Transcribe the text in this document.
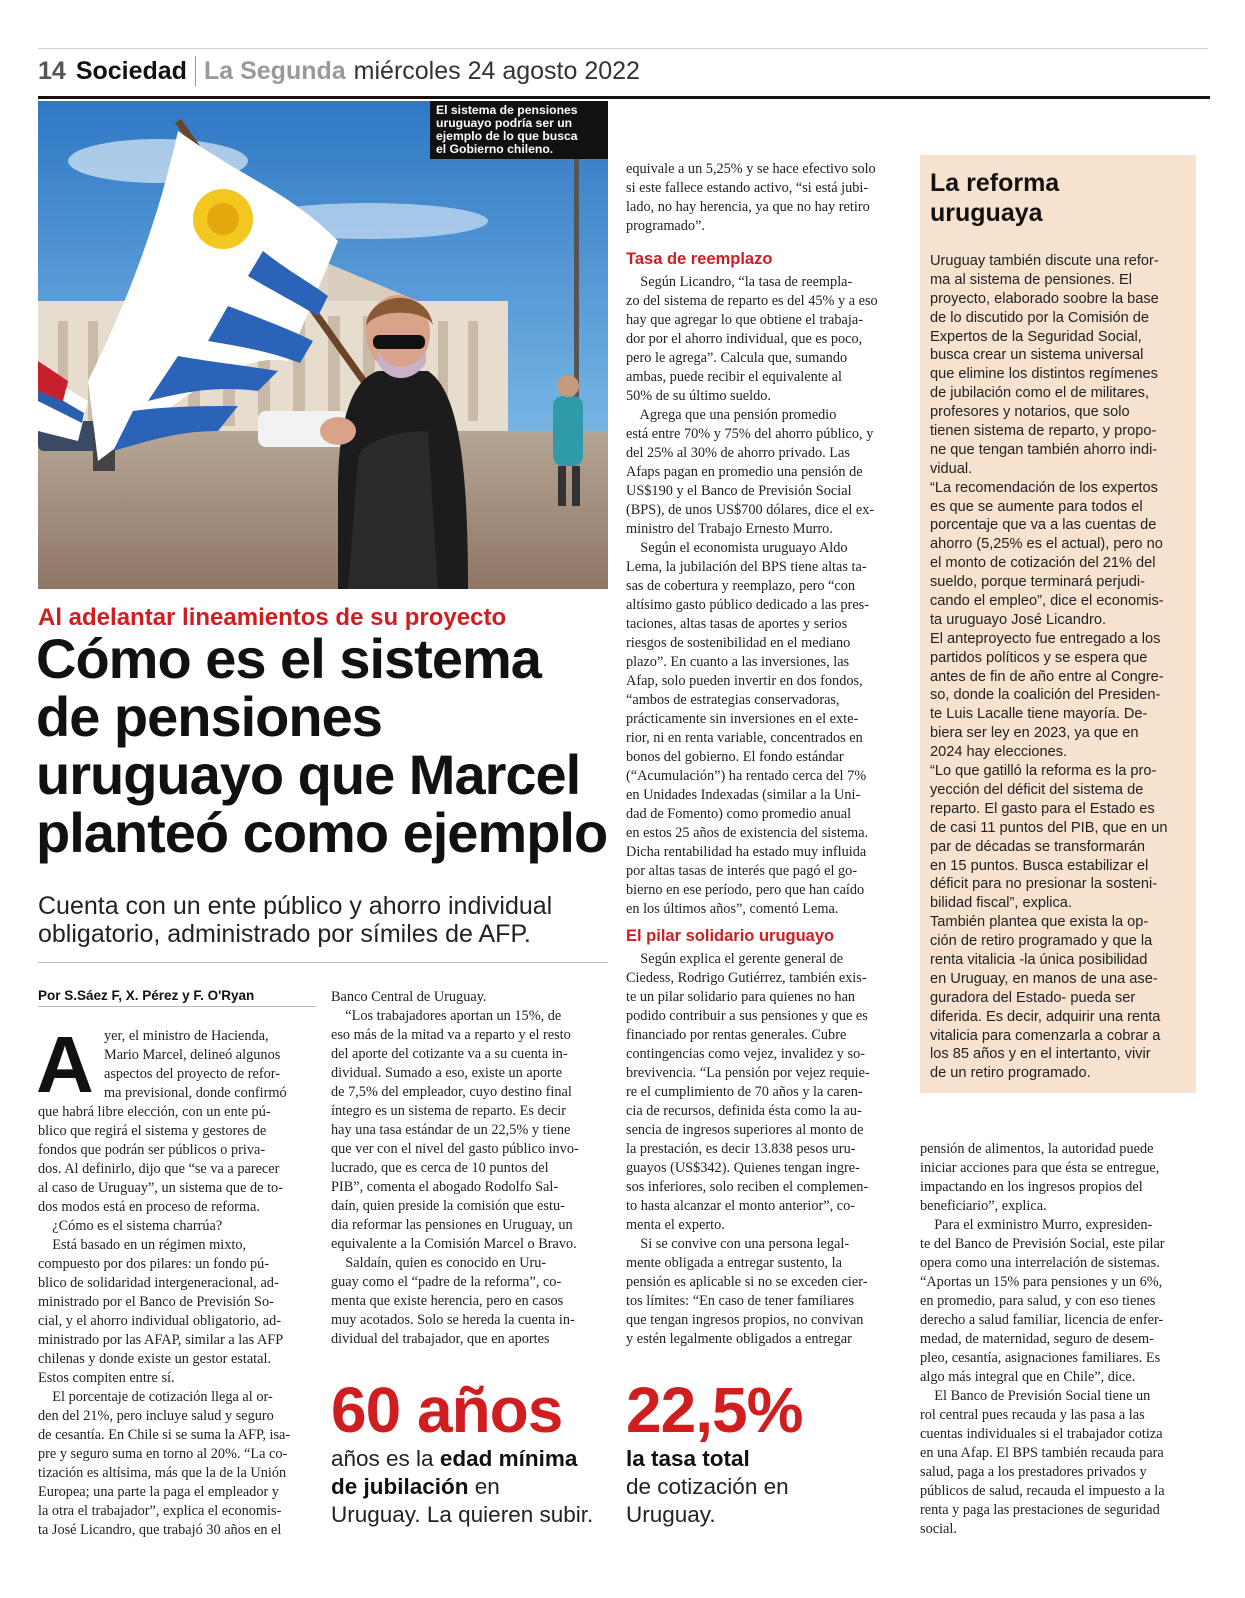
14 Sociedad La Segunda miércoles 24 agosto 2022
El sistema de pensiones
uruguayo podría ser un
ejemplo de lo que busca
el Gobierno chileno.
Al adelantar lineamientos de su proyecto
Cómo es el sistema
de pensiones
uruguayo que Marcel
planteó como ejemplo
Cuenta con un ente público y ahorro individual
obligatorio, administrado por símiles de AFP.
Por S.Sáez F, X. Pérez y F. O'Ryan
A yer, el ministro de Hacienda,
Mario Marcel, delineó algunos
aspectos del proyecto de refor-
ma previsional, donde confirmó
que habrá libre elección, con un ente pú-
blico que regirá el sistema y gestores de
fondos que podrán ser públicos o priva-
dos. Al definirlo, dijo que “se va a parecer
al caso de Uruguay”, un sistema que de to-
dos modos está en proceso de reforma.
¿Cómo es el sistema charrúa?
Está basado en un régimen mixto,
compuesto por dos pilares: un fondo pú-
blico de solidaridad intergeneracional, ad-
ministrado por el Banco de Previsión So-
cial, y el ahorro individual obligatorio, ad-
ministrado por las AFAP, similar a las AFP
chilenas y donde existe un gestor estatal.
Estos compiten entre sí.
El porcentaje de cotización llega al or-
den del 21%, pero incluye salud y seguro
de cesantía. En Chile si se suma la AFP, isa-
pre y seguro suma en torno al 20%. “La co-
tización es altísima, más que la de la Unión
Europea; una parte la paga el empleador y
la otra el trabajador”, explica el economis-
ta José Licandro, que trabajó 30 años en el
Banco Central de Uruguay.
“Los trabajadores aportan un 15%, de
eso más de la mitad va a reparto y el resto
del aporte del cotizante va a su cuenta in-
dividual. Sumado a eso, existe un aporte
de 7,5% del empleador, cuyo destino final
íntegro es un sistema de reparto. Es decir
hay una tasa estándar de un 22,5% y tiene
que ver con el nivel del gasto público invo-
lucrado, que es cerca de 10 puntos del
PIB”, comenta el abogado Rodolfo Sal-
daín, quien preside la comisión que estu-
dia reformar las pensiones en Uruguay, un
equivalente a la Comisión Marcel o Bravo.
Saldaín, quien es conocido en Uru-
guay como el “padre de la reforma”, co-
menta que existe herencia, pero en casos
muy acotados. Solo se hereda la cuenta in-
dividual del trabajador, que en aportes
equivale a un 5,25% y se hace efectivo solo
si este fallece estando activo, “si está jubi-
lado, no hay herencia, ya que no hay retiro
programado”.
Tasa de reemplazo
Según Licandro, “la tasa de reempla-
zo del sistema de reparto es del 45% y a eso
hay que agregar lo que obtiene el trabaja-
dor por el ahorro individual, que es poco,
pero le agrega”. Calcula que, sumando
ambas, puede recibir el equivalente al
50% de su último sueldo.
Agrega que una pensión promedio
está entre 70% y 75% del ahorro público, y
del 25% al 30% de ahorro privado. Las
Afaps pagan en promedio una pensión de
US$190 y el Banco de Previsión Social
(BPS), de unos US$700 dólares, dice el ex-
ministro del Trabajo Ernesto Murro.
Según el economista uruguayo Aldo
Lema, la jubilación del BPS tiene altas ta-
sas de cobertura y reemplazo, pero “con
altísimo gasto público dedicado a las pres-
taciones, altas tasas de aportes y serios
riesgos de sostenibilidad en el mediano
plazo”. En cuanto a las inversiones, las
Afap, solo pueden invertir en dos fondos,
“ambos de estrategias conservadoras,
prácticamente sin inversiones en el exte-
rior, ni en renta variable, concentrados en
bonos del gobierno. El fondo estándar
(“Acumulación”) ha rentado cerca del 7%
en Unidades Indexadas (similar a la Uni-
dad de Fomento) como promedio anual
en estos 25 años de existencia del sistema.
Dicha rentabilidad ha estado muy influida
por altas tasas de interés que pagó el go-
bierno en ese período, pero que han caído
en los últimos años”, comentó Lema.
El pilar solidario uruguayo
Según explica el gerente general de
Ciedess, Rodrigo Gutiérrez, también exis-
te un pilar solidario para quienes no han
podido contribuir a sus pensiones y que es
financiado por rentas generales. Cubre
contingencias como vejez, invalidez y so-
brevivencia. “La pensión por vejez requie-
re el cumplimiento de 70 años y la caren-
cia de recursos, definida ésta como la au-
sencia de ingresos superiores al monto de
la prestación, es decir 13.838 pesos uru-
guayos (US$342). Quienes tengan ingre-
sos inferiores, solo reciben el complemen-
to hasta alcanzar el monto anterior”, co-
menta el experto.
Si se convive con una persona legal-
mente obligada a entregar sustento, la
pensión es aplicable si no se exceden cier-
tos límites: “En caso de tener familiares
que tengan ingresos propios, no convivan
y estén legalmente obligados a entregar
pensión de alimentos, la autoridad puede
iniciar acciones para que ésta se entregue,
impactando en los ingresos propios del
beneficiario”, explica.
Para el exministro Murro, expresiden-
te del Banco de Previsión Social, este pilar
opera como una interrelación de sistemas.
“Aportas un 15% para pensiones y un 6%,
en promedio, para salud, y con eso tienes
derecho a salud familiar, licencia de enfer-
medad, de maternidad, seguro de desem-
pleo, cesantía, asignaciones familiares. Es
algo más integral que en Chile”, dice.
El Banco de Previsión Social tiene un
rol central pues recauda y las pasa a las
cuentas individuales si el trabajador cotiza
en una Afap. El BPS también recauda para
salud, paga a los prestadores privados y
públicos de salud, recauda el impuesto a la
renta y paga las prestaciones de seguridad
social.
La reforma
uruguaya
Uruguay también discute una refor-
ma al sistema de pensiones. El
proyecto, elaborado soobre la base
de lo discutido por la Comisión de
Expertos de la Seguridad Social,
busca crear un sistema universal
que elimine los distintos regímenes
de jubilación como el de militares,
profesores y notarios, que solo
tienen sistema de reparto, y propo-
ne que tengan también ahorro indi-
vidual.
“La recomendación de los expertos
es que se aumente para todos el
porcentaje que va a las cuentas de
ahorro (5,25% es el actual), pero no
el monto de cotización del 21% del
sueldo, porque terminará perjudi-
cando el empleo”, dice el economis-
ta uruguayo José Licandro.
El anteproyecto fue entregado a los
partidos políticos y se espera que
antes de fin de año entre al Congre-
so, donde la coalición del Presiden-
te Luis Lacalle tiene mayoría. De-
biera ser ley en 2023, ya que en
2024 hay elecciones.
“Lo que gatilló la reforma es la pro-
yección del déficit del sistema de
reparto. El gasto para el Estado es
de casi 11 puntos del PIB, que en un
par de décadas se transformarán
en 15 puntos. Busca estabilizar el
déficit para no presionar la sosteni-
bilidad fiscal”, explica.
También plantea que exista la op-
ción de retiro programado y que la
renta vitalicia -la única posibilidad
en Uruguay, en manos de una ase-
guradora del Estado- pueda ser
diferida. Es decir, adquirir una renta
vitalicia para comenzarla a cobrar a
los 85 años y en el intertanto, vivir
de un retiro programado.
60 años
años es la edad mínima
de jubilación en
Uruguay. La quieren subir.
22,5%
la tasa total
de cotización en
Uruguay.
